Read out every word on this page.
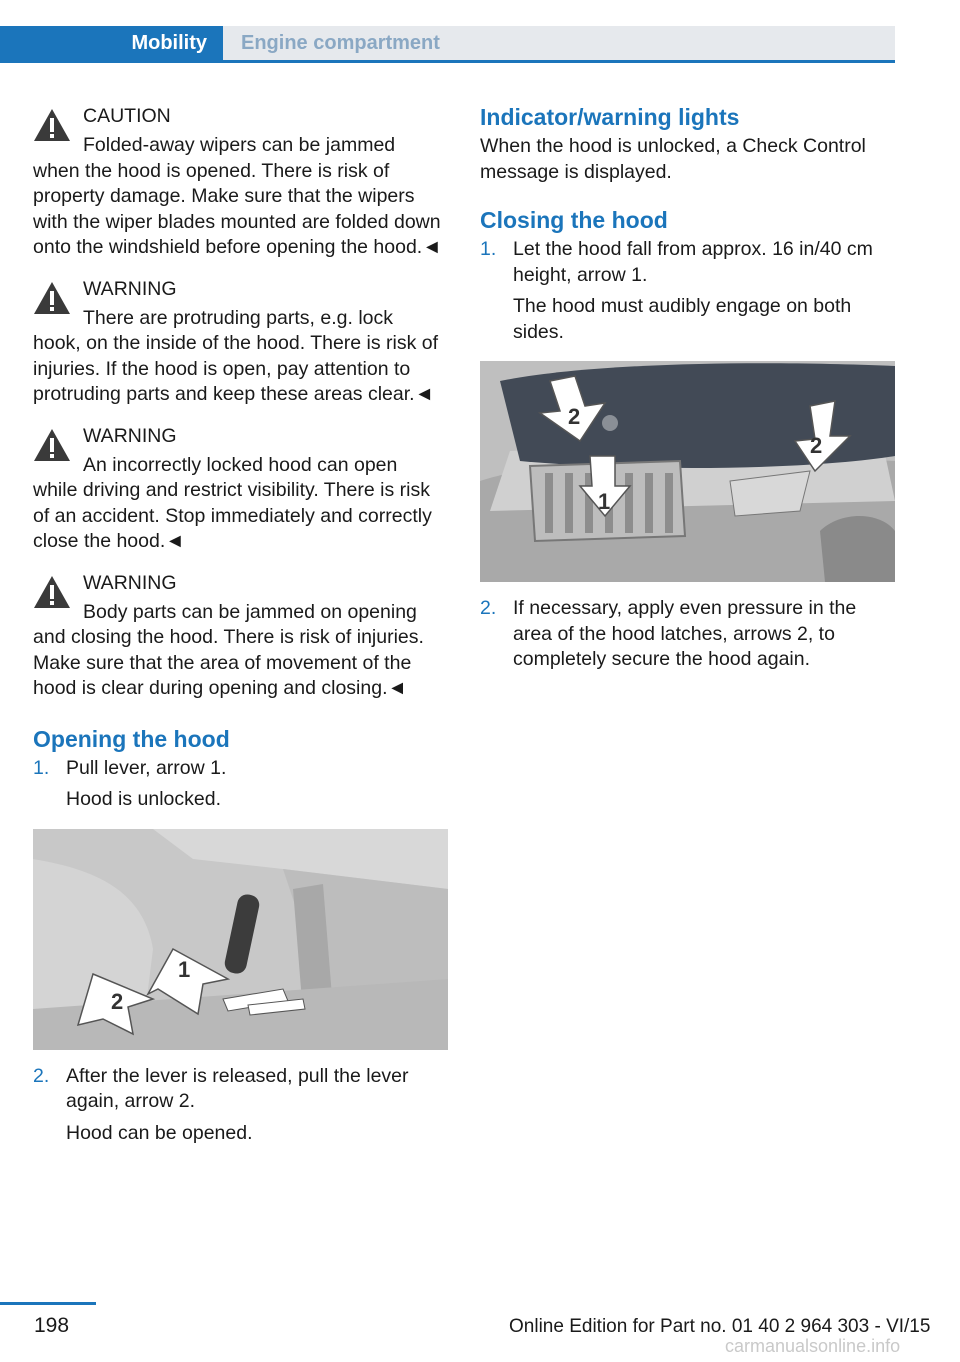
Mobility	Engine compartment
CAUTION

Folded-away wipers can be jammed
when the hood is opened. There is risk of property damage. Make sure that the wipers with the wiper blades mounted are folded down onto the windshield before opening the hood.◄

WARNING

There are protruding parts, e.g. lock
hook, on the inside of the hood. There is risk of injuries. If the hood is open, pay attention to protruding parts and keep these areas clear.◄

WARNING

An incorrectly locked hood can open
while driving and restrict visibility. There is risk of an accident. Stop immediately and correctly close the hood.◄

WARNING

Body parts can be jammed on opening
and closing the hood. There is risk of injuries. Make sure that the area of movement of the hood is clear during opening and closing.◄

Opening the hood
1. Pull lever, arrow 1.
Hood is unlocked.
1
2
2. After the lever is released, pull the lever again, arrow 2.
Hood can be opened.
Indicator/warning lights

When the hood is unlocked, a Check Control message is displayed.

Closing the hood
1. Let the hood fall from approx. 16 in/40 cm height, arrow 1.
The hood must audibly engage on both sides.
2
2
1
2. If necessary, apply even pressure in the area of the hood latches, arrows 2, to completely secure the hood again.
198	Online Edition for Part no. 01 40 2 964 303 - VI/15
carmanualsonline.info
